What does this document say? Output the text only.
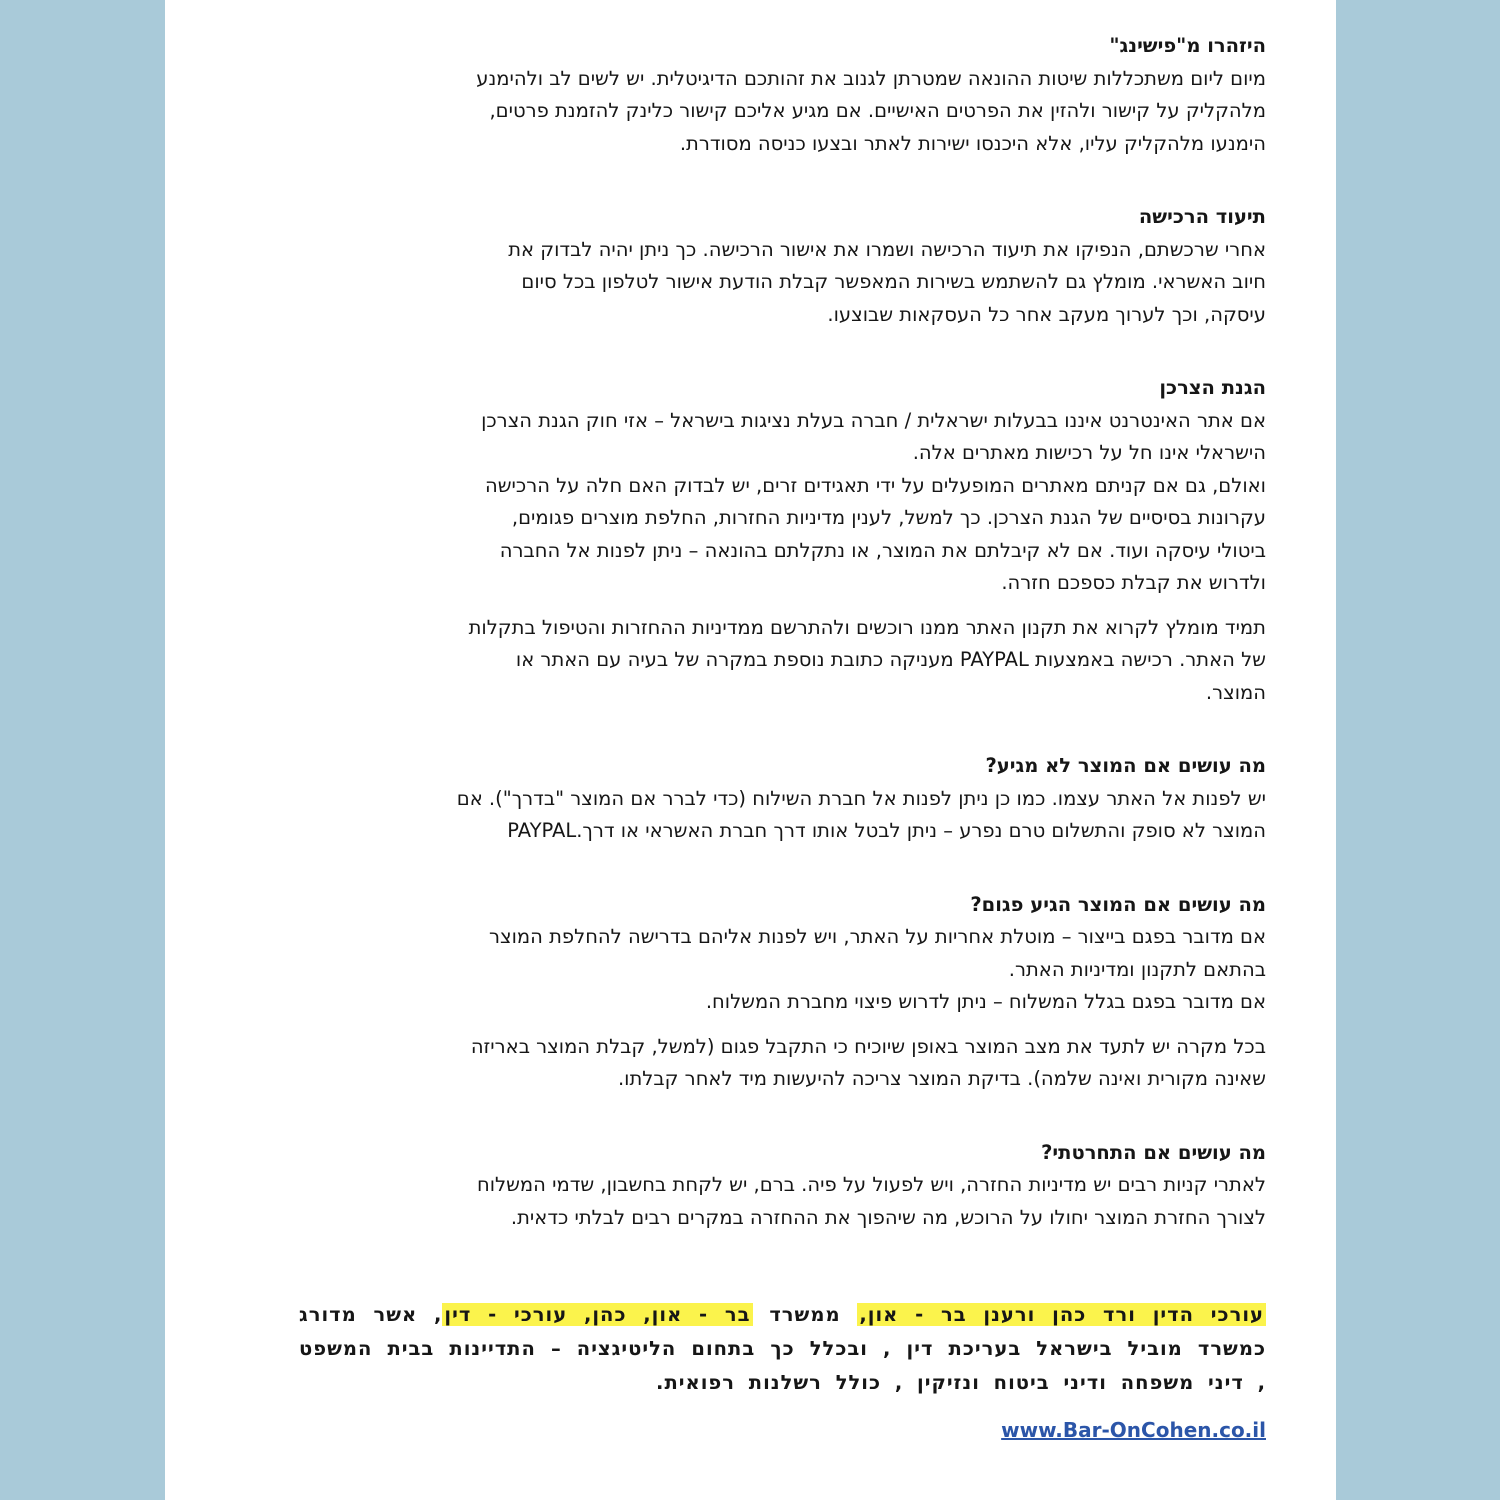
היזהרו מ"פישינג"

מיום ליום משתכללות שיטות ההונאה שמטרתן לגנוב את זהותכם הדיגיטלית. יש לשים לב ולהימנע

מלהקליק על קישור ולהזין את הפרטים האישיים. אם מגיע אליכם קישור כלינק להזמנת פרטים,

הימנעו מלהקליק עליו, אלא היכנסו ישירות לאתר ובצעו כניסה מסודרת.

תיעוד הרכישה

אחרי שרכשתם, הנפיקו את תיעוד הרכישה ושמרו את אישור הרכישה. כך ניתן יהיה לבדוק את

חיוב האשראי. מומלץ גם להשתמש בשירות המאפשר קבלת הודעת אישור לטלפון בכל סיום

עיסקה, וכך לערוך מעקב אחר כל העסקאות שבוצעו.

הגנת הצרכן

אם אתר האינטרנט איננו בבעלות ישראלית / חברה בעלת נציגות בישראל – אזי חוק הגנת הצרכן

הישראלי אינו חל על רכישות מאתרים אלה.

ואולם, גם אם קניתם מאתרים המופעלים על ידי תאגידים זרים, יש לבדוק האם חלה על הרכישה

עקרונות בסיסיים של הגנת הצרכן. כך למשל, לענין מדיניות החזרות, החלפת מוצרים פגומים,

ביטולי עיסקה ועוד. אם לא קיבלתם את המוצר, או נתקלתם בהונאה – ניתן לפנות אל החברה

ולדרוש את קבלת כספכם חזרה.

תמיד מומלץ לקרוא את תקנון האתר ממנו רוכשים ולהתרשם ממדיניות ההחזרות והטיפול בתקלות

של האתר. רכישה באמצעות PAYPAL מעניקה כתובת נוספת במקרה של בעיה עם האתר או

המוצר.

מה עושים אם המוצר לא מגיע?

יש לפנות אל האתר עצמו. כמו כן ניתן לפנות אל חברת השילוח (כדי לברר אם המוצר "בדרך"). אם

המוצר לא סופק והתשלום טרם נפרע – ניתן לבטל אותו דרך חברת האשראי או דרך.PAYPAL

מה עושים אם המוצר הגיע פגום?

אם מדובר בפגם בייצור – מוטלת אחריות על האתר, ויש לפנות אליהם בדרישה להחלפת המוצר

בהתאם לתקנון ומדיניות האתר.

אם מדובר בפגם בגלל המשלוח – ניתן לדרוש פיצוי מחברת המשלוח.

בכל מקרה יש לתעד את מצב המוצר באופן שיוכיח כי התקבל פגום (למשל, קבלת המוצר באריזה

שאינה מקורית ואינה שלמה). בדיקת המוצר צריכה להיעשות מיד לאחר קבלתו.

מה עושים אם התחרטתי?

לאתרי קניות רבים יש מדיניות החזרה, ויש לפעול על פיה. ברם, יש לקחת בחשבון, שדמי המשלוח

לצורך החזרת המוצר יחולו על הרוכש, מה שיהפוך את ההחזרה במקרים רבים לבלתי כדאית.

עורכי הדין ורד כהן ורענן בר - און, ממשרד בר - און, כהן, עורכי - דין, אשר מדורג כמשרד מוביל בישראל בעריכת דין , ובכלל כך בתחום הליטיגציה – התדיינות בבית המשפט , דיני משפחה ודיני ביטוח ונזיקין , כולל רשלנות רפואית.

www.Bar-OnCohen.co.il
